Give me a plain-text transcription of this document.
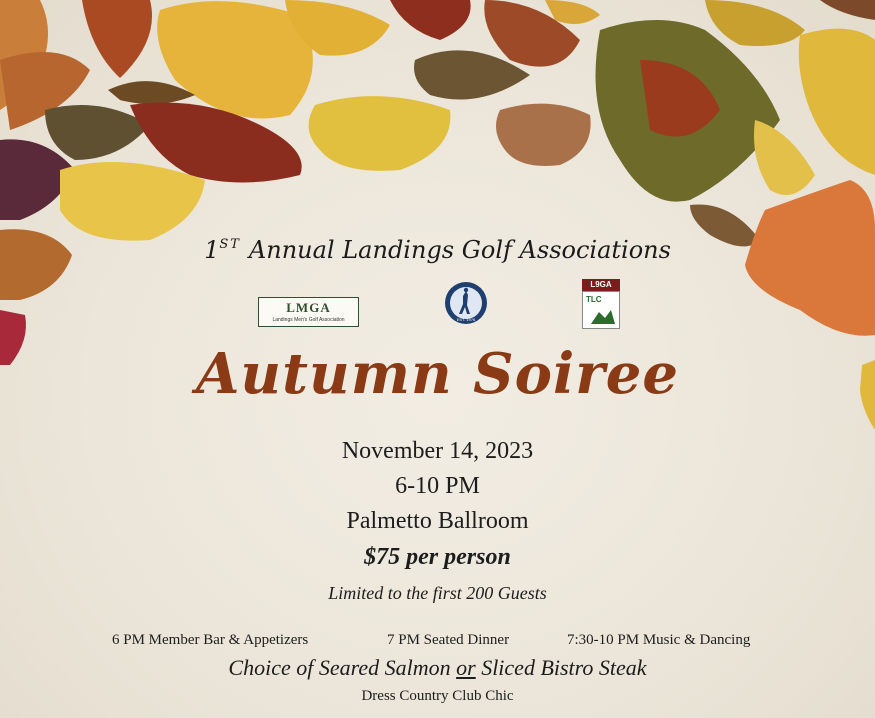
1ST Annual Landings Golf Associations
LMGA
Landings Men's Golf Association	EST. 1976
L9GA
TLC
Autumn Soiree
November 14, 2023
6-10 PM
Palmetto Ballroom
$75 per person
Limited to the first 200 Guests
6 PM Member Bar & Appetizers	7 PM Seated Dinner	7:30-10 PM Music & Dancing
Choice of Seared Salmon or Sliced Bistro Steak
Dress Country Club Chic
